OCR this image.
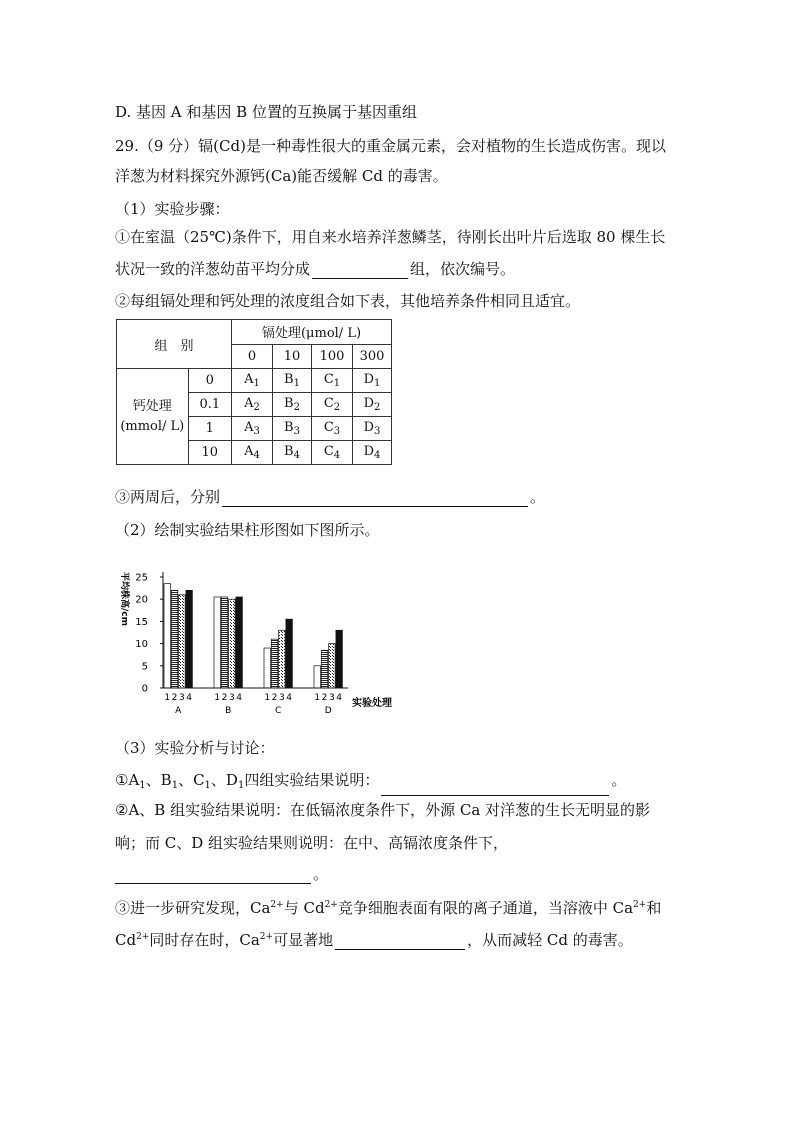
D. 基因 A 和基因 B 位置的互换属于基因重组
29.（9 分）镉(Cd)是一种毒性很大的重金属元素，会对植物的生长造成伤害。现以
洋葱为材料探究外源钙(Ca)能否缓解 Cd 的毒害。
（1）实验步骤：
①在室温（25℃)条件下，用自来水培养洋葱鳞茎，待刚长出叶片后选取 80 棵生长
状况一致的洋葱幼苗平均分成	组，依次编号。
②每组镉处理和钙处理的浓度组合如下表，其他培养条件相同且适宜。
组　别		镉处理(μmol/ L)			
		0	10	100	300
钙处理 (mmol/ L)	0	$A_1$	$B_1$	$C_1$	$D_1$
	0.1	$A_2$	$B_2$	$C_2$	$D_2$
	1	$A_3$	$B_3$	$C_3$	$D_3$
	10	$A_4$	$B_4$	$C_4$	$D_4$
③两周后，分别	。
（2）绘制实验结果柱形图如下图所示。
平均株高/cm
0
5
10
15
20
25
1 2 3 4
A
1 2 3 4
B
1 2 3 4
C
1 2 3 4
D
实验处理
（3）实验分析与讨论：
$①A_1$、$B_1$、$C_1$、$D_1$四组实验结果说明：	。
②A、B 组实验结果说明：在低镉浓度条件下，外源 Ca 对洋葱的生长无明显的影
响；而 C、D 组实验结果则说明：在中、高镉浓度条件下，
。
③进一步研究发现，$Ca^{2+}$与 $Cd^{2+}$竞争细胞表面有限的离子通道，当溶液中 $Ca^{2+}$和
$Cd^{2+}$同时存在时，$Ca^{2+}$可显著地	，从而减轻 Cd 的毒害。
